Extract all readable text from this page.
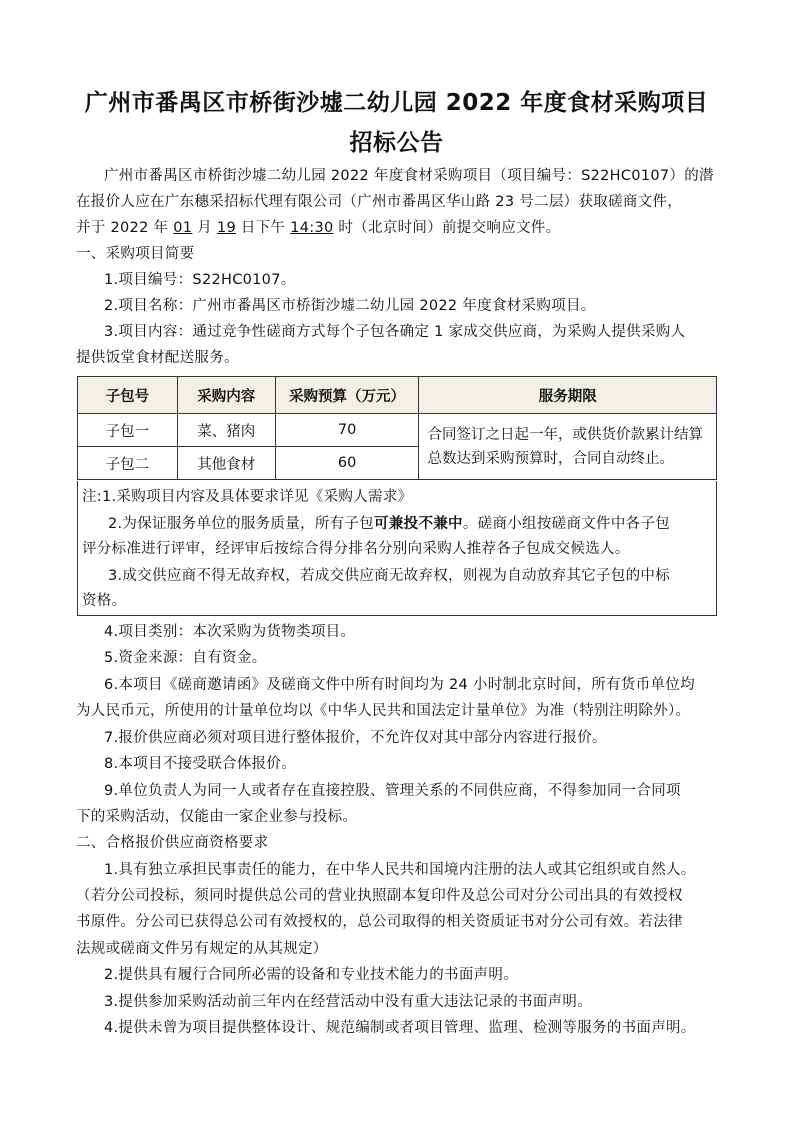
广州市番禺区市桥街沙墟二幼儿园 2022 年度食材采购项目
招标公告
广州市番禺区市桥街沙墟二幼儿园 2022 年度食材采购项目（项目编号：S22HC0107）的潜
在报价人应在广东穗采招标代理有限公司（广州市番禺区华山路 23 号二层）获取磋商文件，
并于 2022 年 01 月 19 日下午 14:30 时（北京时间）前提交响应文件。
一、采购项目简要
1.项目编号：S22HC0107。
2.项目名称：广州市番禺区市桥街沙墟二幼儿园 2022 年度食材采购项目。
3.项目内容：通过竞争性磋商方式每个子包各确定 1 家成交供应商，为采购人提供采购人
提供饭堂食材配送服务。
子包号	采购内容	采购预算（万元）	服务期限
子包一	菜、猪肉	70	合同签订之日起一年，或供货价款累计结算总数达到采购预算时，合同自动终止。
子包二	其他食材	60	
注:1.采购项目内容及具体要求详见《采购人需求》
2.为保证服务单位的服务质量，所有子包可兼投不兼中。磋商小组按磋商文件中各子包
评分标准进行评审，经评审后按综合得分排名分别向采购人推荐各子包成交候选人。
3.成交供应商不得无故弃权，若成交供应商无故弃权，则视为自动放弃其它子包的中标
资格。
4.项目类别：本次采购为货物类项目。
5.资金来源：自有资金。
6.本项目《磋商邀请函》及磋商文件中所有时间均为 24 小时制北京时间，所有货币单位均
为人民币元，所使用的计量单位均以《中华人民共和国法定计量单位》为准（特别注明除外）。
7.报价供应商必须对项目进行整体报价，不允许仅对其中部分内容进行报价。
8.本项目不接受联合体报价。
9.单位负责人为同一人或者存在直接控股、管理关系的不同供应商，不得参加同一合同项
下的采购活动，仅能由一家企业参与投标。
二、合格报价供应商资格要求
1.具有独立承担民事责任的能力，在中华人民共和国境内注册的法人或其它组织或自然人。
（若分公司投标，须同时提供总公司的营业执照副本复印件及总公司对分公司出具的有效授权
书原件。分公司已获得总公司有效授权的，总公司取得的相关资质证书对分公司有效。若法律
法规或磋商文件另有规定的从其规定）
2.提供具有履行合同所必需的设备和专业技术能力的书面声明。
3.提供参加采购活动前三年内在经营活动中没有重大违法记录的书面声明。
4.提供未曾为项目提供整体设计、规范编制或者项目管理、监理、检测等服务的书面声明。
